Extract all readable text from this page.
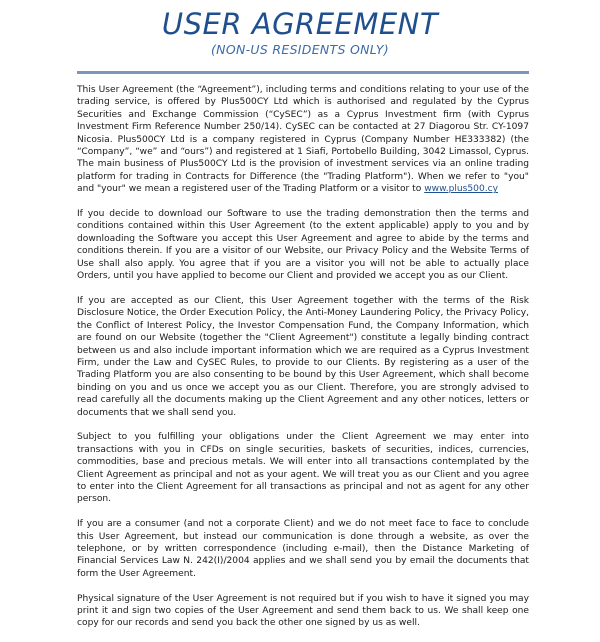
USER AGREEMENT
(NON-US RESIDENTS ONLY)

This User Agreement (the “Agreement”), including terms and conditions relating to your use of the trading service, is offered by Plus500CY Ltd which is authorised and regulated by the Cyprus Securities and Exchange Commission (“CySEC”) as a Cyprus Investment firm (with Cyprus Investment Firm Reference Number 250/14). CySEC can be contacted at 27 Diagorou Str. CY-1097 Nicosia. Plus500CY Ltd is a company registered in Cyprus (Company Number HE333382) (the “Company”, “we” and “ours”) and registered at 1 Siafi, Portobello Building, 3042 Limassol, Cyprus. The main business of Plus500CY Ltd is the provision of investment services via an online trading platform for trading in Contracts for Difference (the "Trading Platform"). When we refer to "you" and "your" we mean a registered user of the Trading Platform or a visitor to www.plus500.cy

If you decide to download our Software to use the trading demonstration then the terms and conditions contained within this User Agreement (to the extent applicable) apply to you and by downloading the Software you accept this User Agreement and agree to abide by the terms and conditions therein. If you are a visitor of our Website, our Privacy Policy and the Website Terms of Use shall also apply. You agree that if you are a visitor you will not be able to actually place Orders, until you have applied to become our Client and provided we accept you as our Client.

If you are accepted as our Client, this User Agreement together with the terms of the Risk Disclosure Notice, the Order Execution Policy, the Anti-Money Laundering Policy, the Privacy Policy, the Conflict of Interest Policy, the Investor Compensation Fund, the Company Information, which are found on our Website (together the "Client Agreement") constitute a legally binding contract between us and also include important information which we are required as a Cyprus Investment Firm, under the Law and CySEC Rules, to provide to our Clients. By registering as a user of the Trading Platform you are also consenting to be bound by this User Agreement, which shall become binding on you and us once we accept you as our Client. Therefore, you are strongly advised to read carefully all the documents making up the Client Agreement and any other notices, letters or documents that we shall send you.

Subject to you fulfilling your obligations under the Client Agreement we may enter into transactions with you in CFDs on single securities, baskets of securities, indices, currencies, commodities, base and precious metals. We will enter into all transactions contemplated by the Client Agreement as principal and not as your agent. We will treat you as our Client and you agree to enter into the Client Agreement for all transactions as principal and not as agent for any other person.

If you are a consumer (and not a corporate Client) and we do not meet face to face to conclude this User Agreement, but instead our communication is done through a website, as over the telephone, or by written correspondence (including e-mail), then the Distance Marketing of Financial Services Law N. 242(I)/2004 applies and we shall send you by email the documents that form the User Agreement.

Physical signature of the User Agreement is not required but if you wish to have it signed you may print it and sign two copies of the User Agreement and send them back to us. We shall keep one copy for our records and send you back the other one signed by us as well.
